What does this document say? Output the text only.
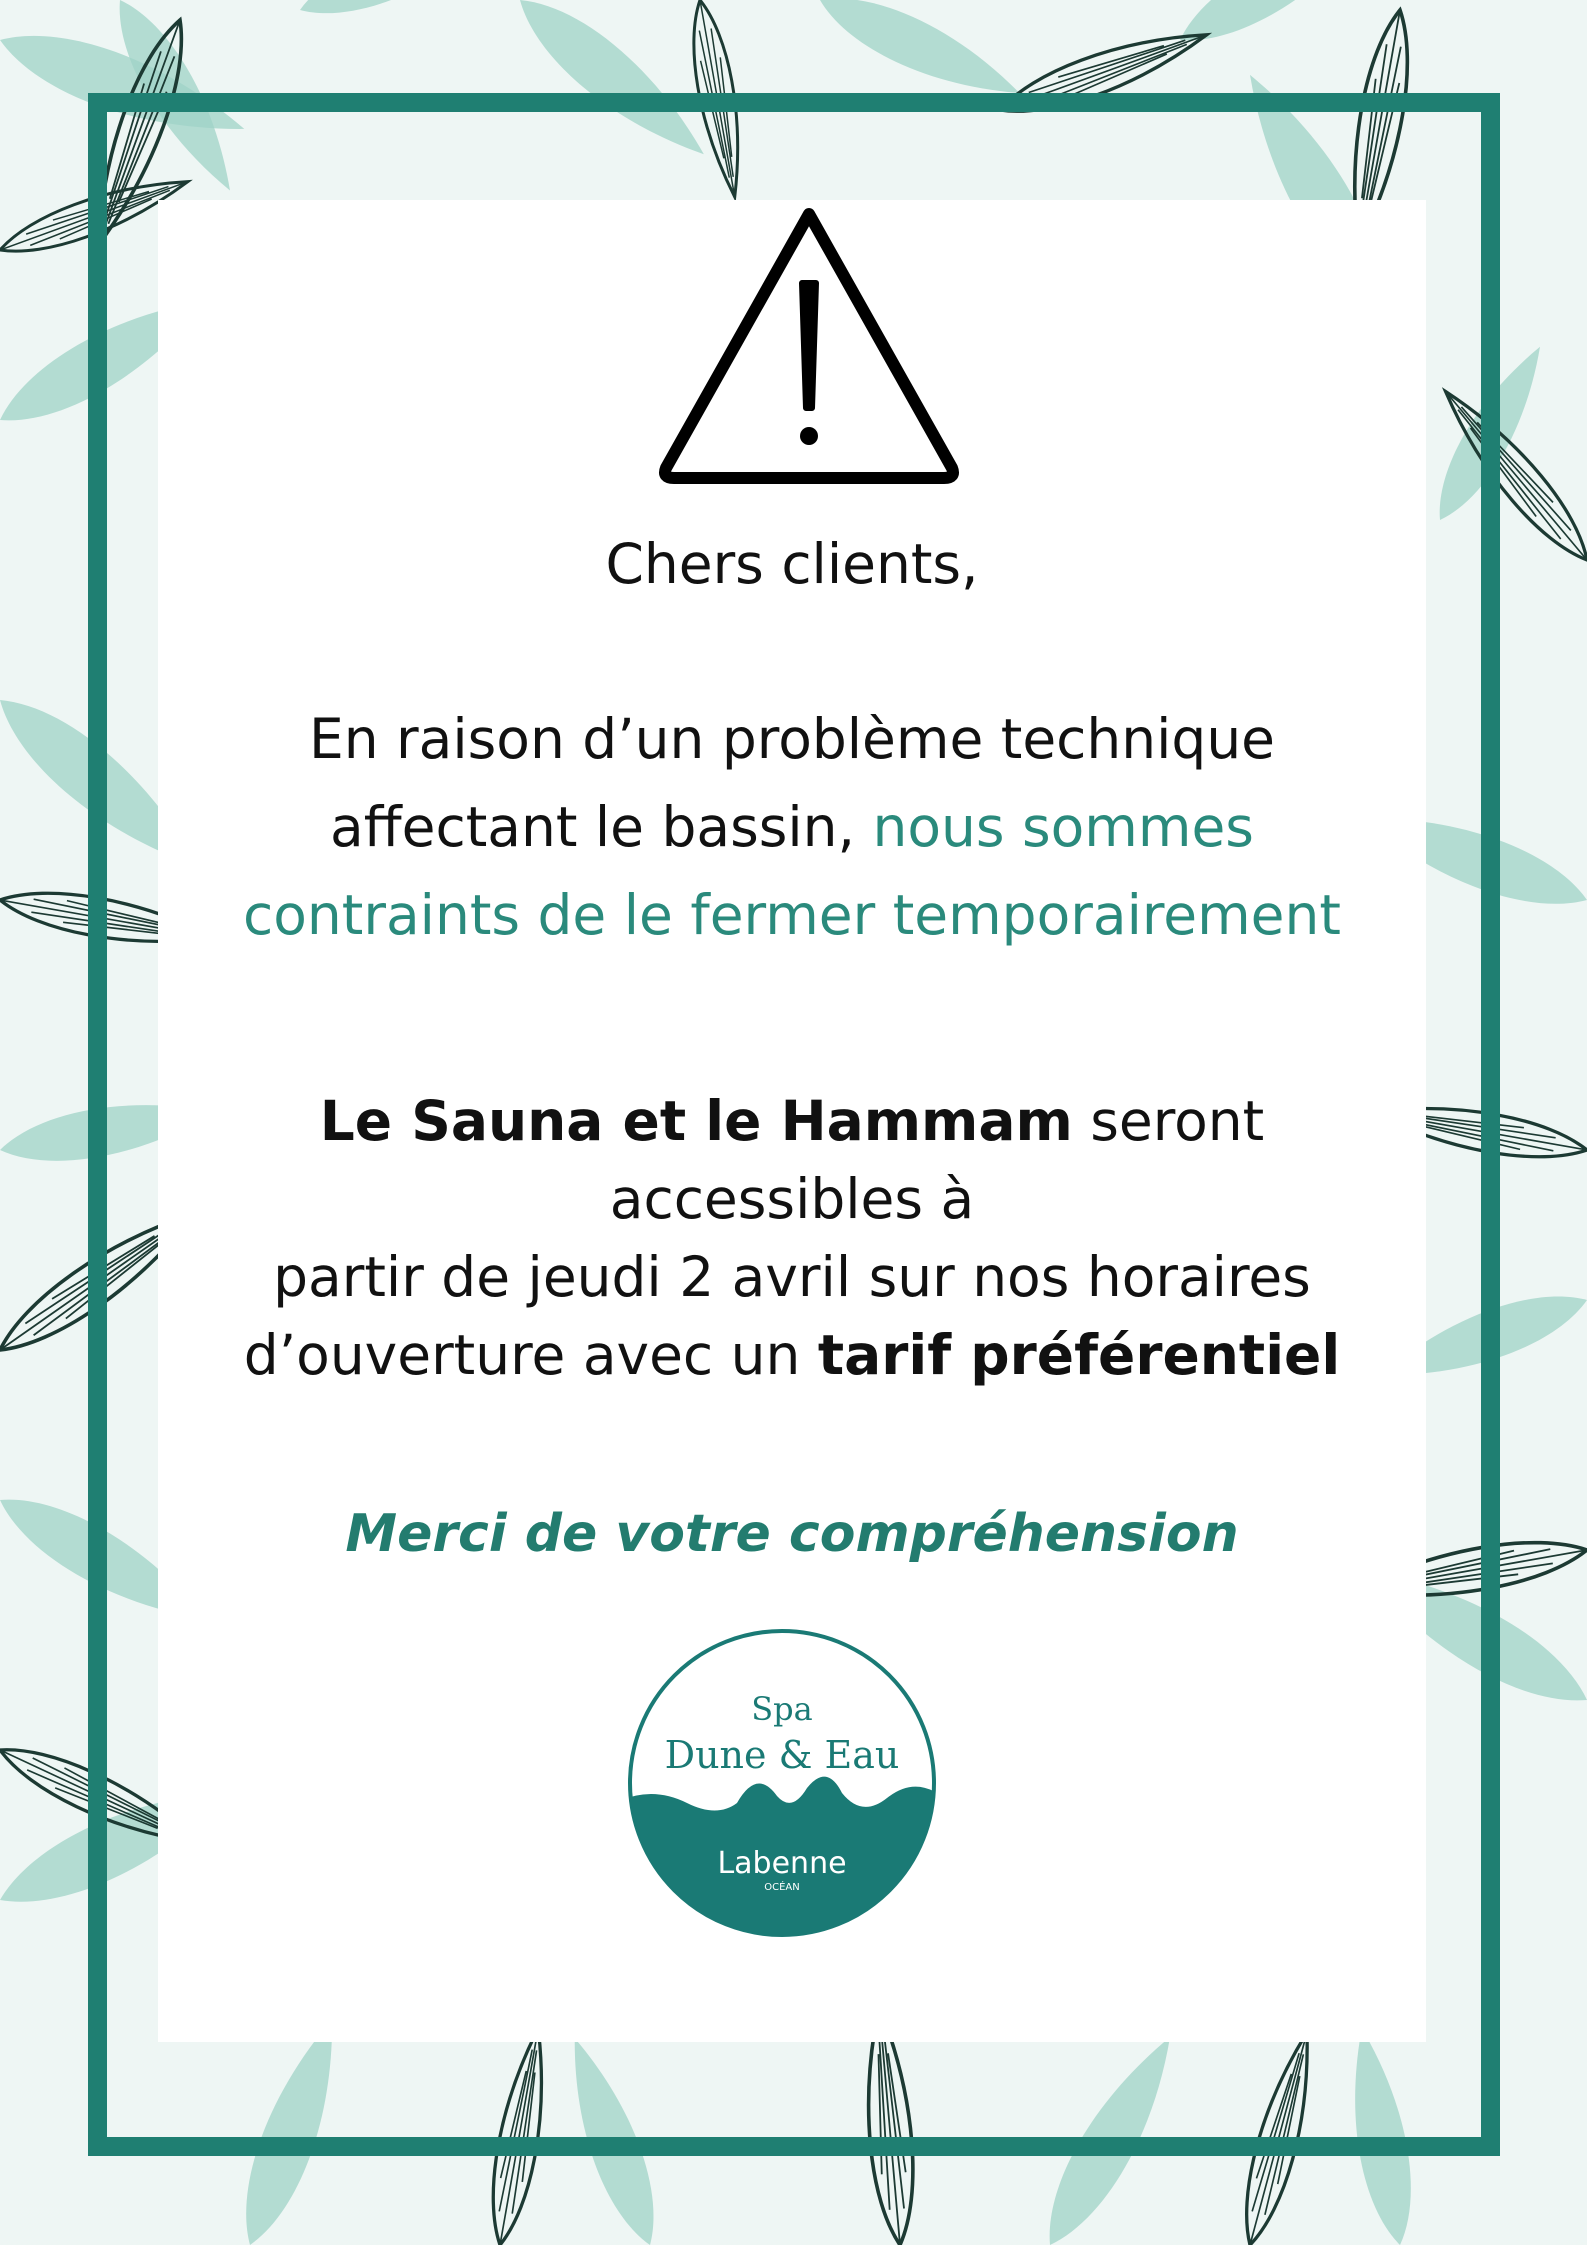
Chers clients,

En raison d’un problème technique
affectant le bassin, nous sommes
contraints de le fermer temporairement

Le Sauna et le Hammam seront accessibles à
partir de jeudi 2 avril sur nos horaires
d’ouverture avec un tarif préférentiel

Merci de votre compréhension

Spa
Dune & Eau
Labenne
OCÉAN
